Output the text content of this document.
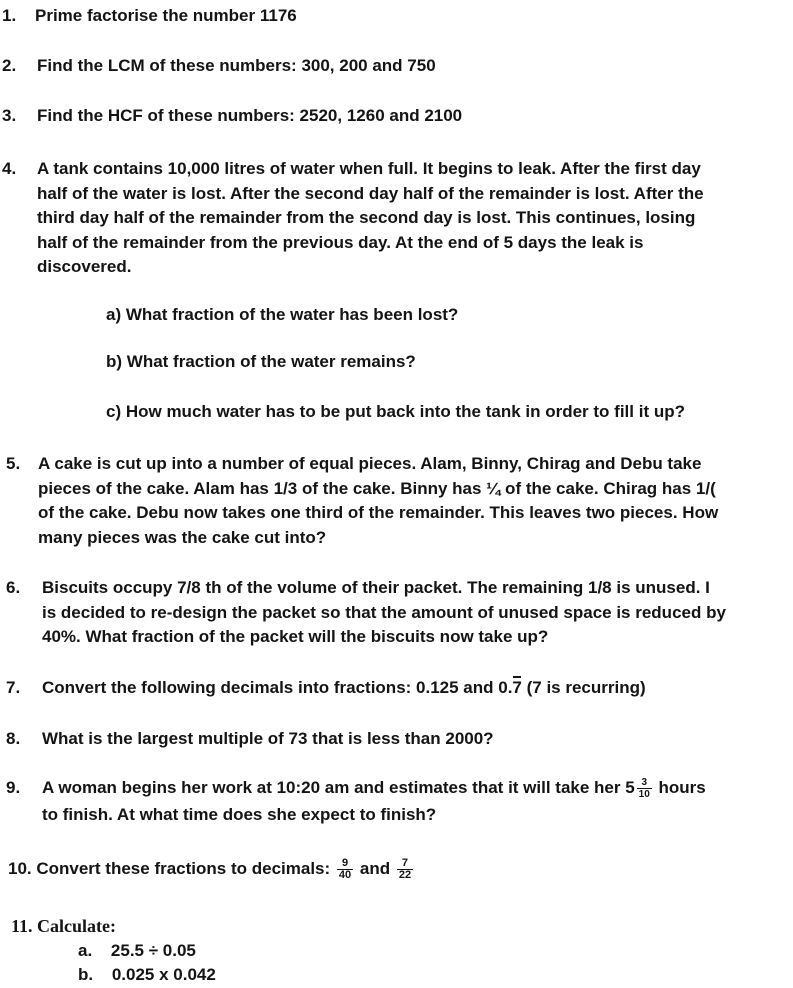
1. Prime factorise the number 1176
2. Find the LCM of these numbers: 300, 200 and 750
3. Find the HCF of these numbers: 2520, 1260 and 2100
4. A tank contains 10,000 litres of water when full. It begins to leak. After the first day
half of the water is lost. After the second day half of the remainder is lost. After the
third day half of the remainder from the second day is lost. This continues, losing
half of the remainder from the previous day. At the end of 5 days the leak is
discovered.
a) What fraction of the water has been lost?
b) What fraction of the water remains?
c) How much water has to be put back into the tank in order to fill it up?
5. A cake is cut up into a number of equal pieces. Alam, Binny, Chirag and Debu take
pieces of the cake. Alam has 1/3 of the cake. Binny has ¼ of the cake. Chirag has 1/(
of the cake. Debu now takes one third of the remainder. This leaves two pieces. How
many pieces was the cake cut into?
6. Biscuits occupy 7/8 th of the volume of their packet. The remaining 1/8 is unused. I
is decided to re-design the packet so that the amount of unused space is reduced by
40%. What fraction of the packet will the biscuits now take up?
7. Convert the following decimals into fractions: 0.125 and 0.7 (7 is recurring)
8. What is the largest multiple of 73 that is less than 2000?
9. A woman begins her work at 10:20 am and estimates that it will take her $5 \frac{3}{10}$ hours
to finish. At what time does she expect to finish?
10. Convert these fractions to decimals: $\frac{9}{40}$ and $\frac{7}{22}$
11. Calculate:
a. 25.5 ÷ 0.05
b. 0.025 x 0.042
